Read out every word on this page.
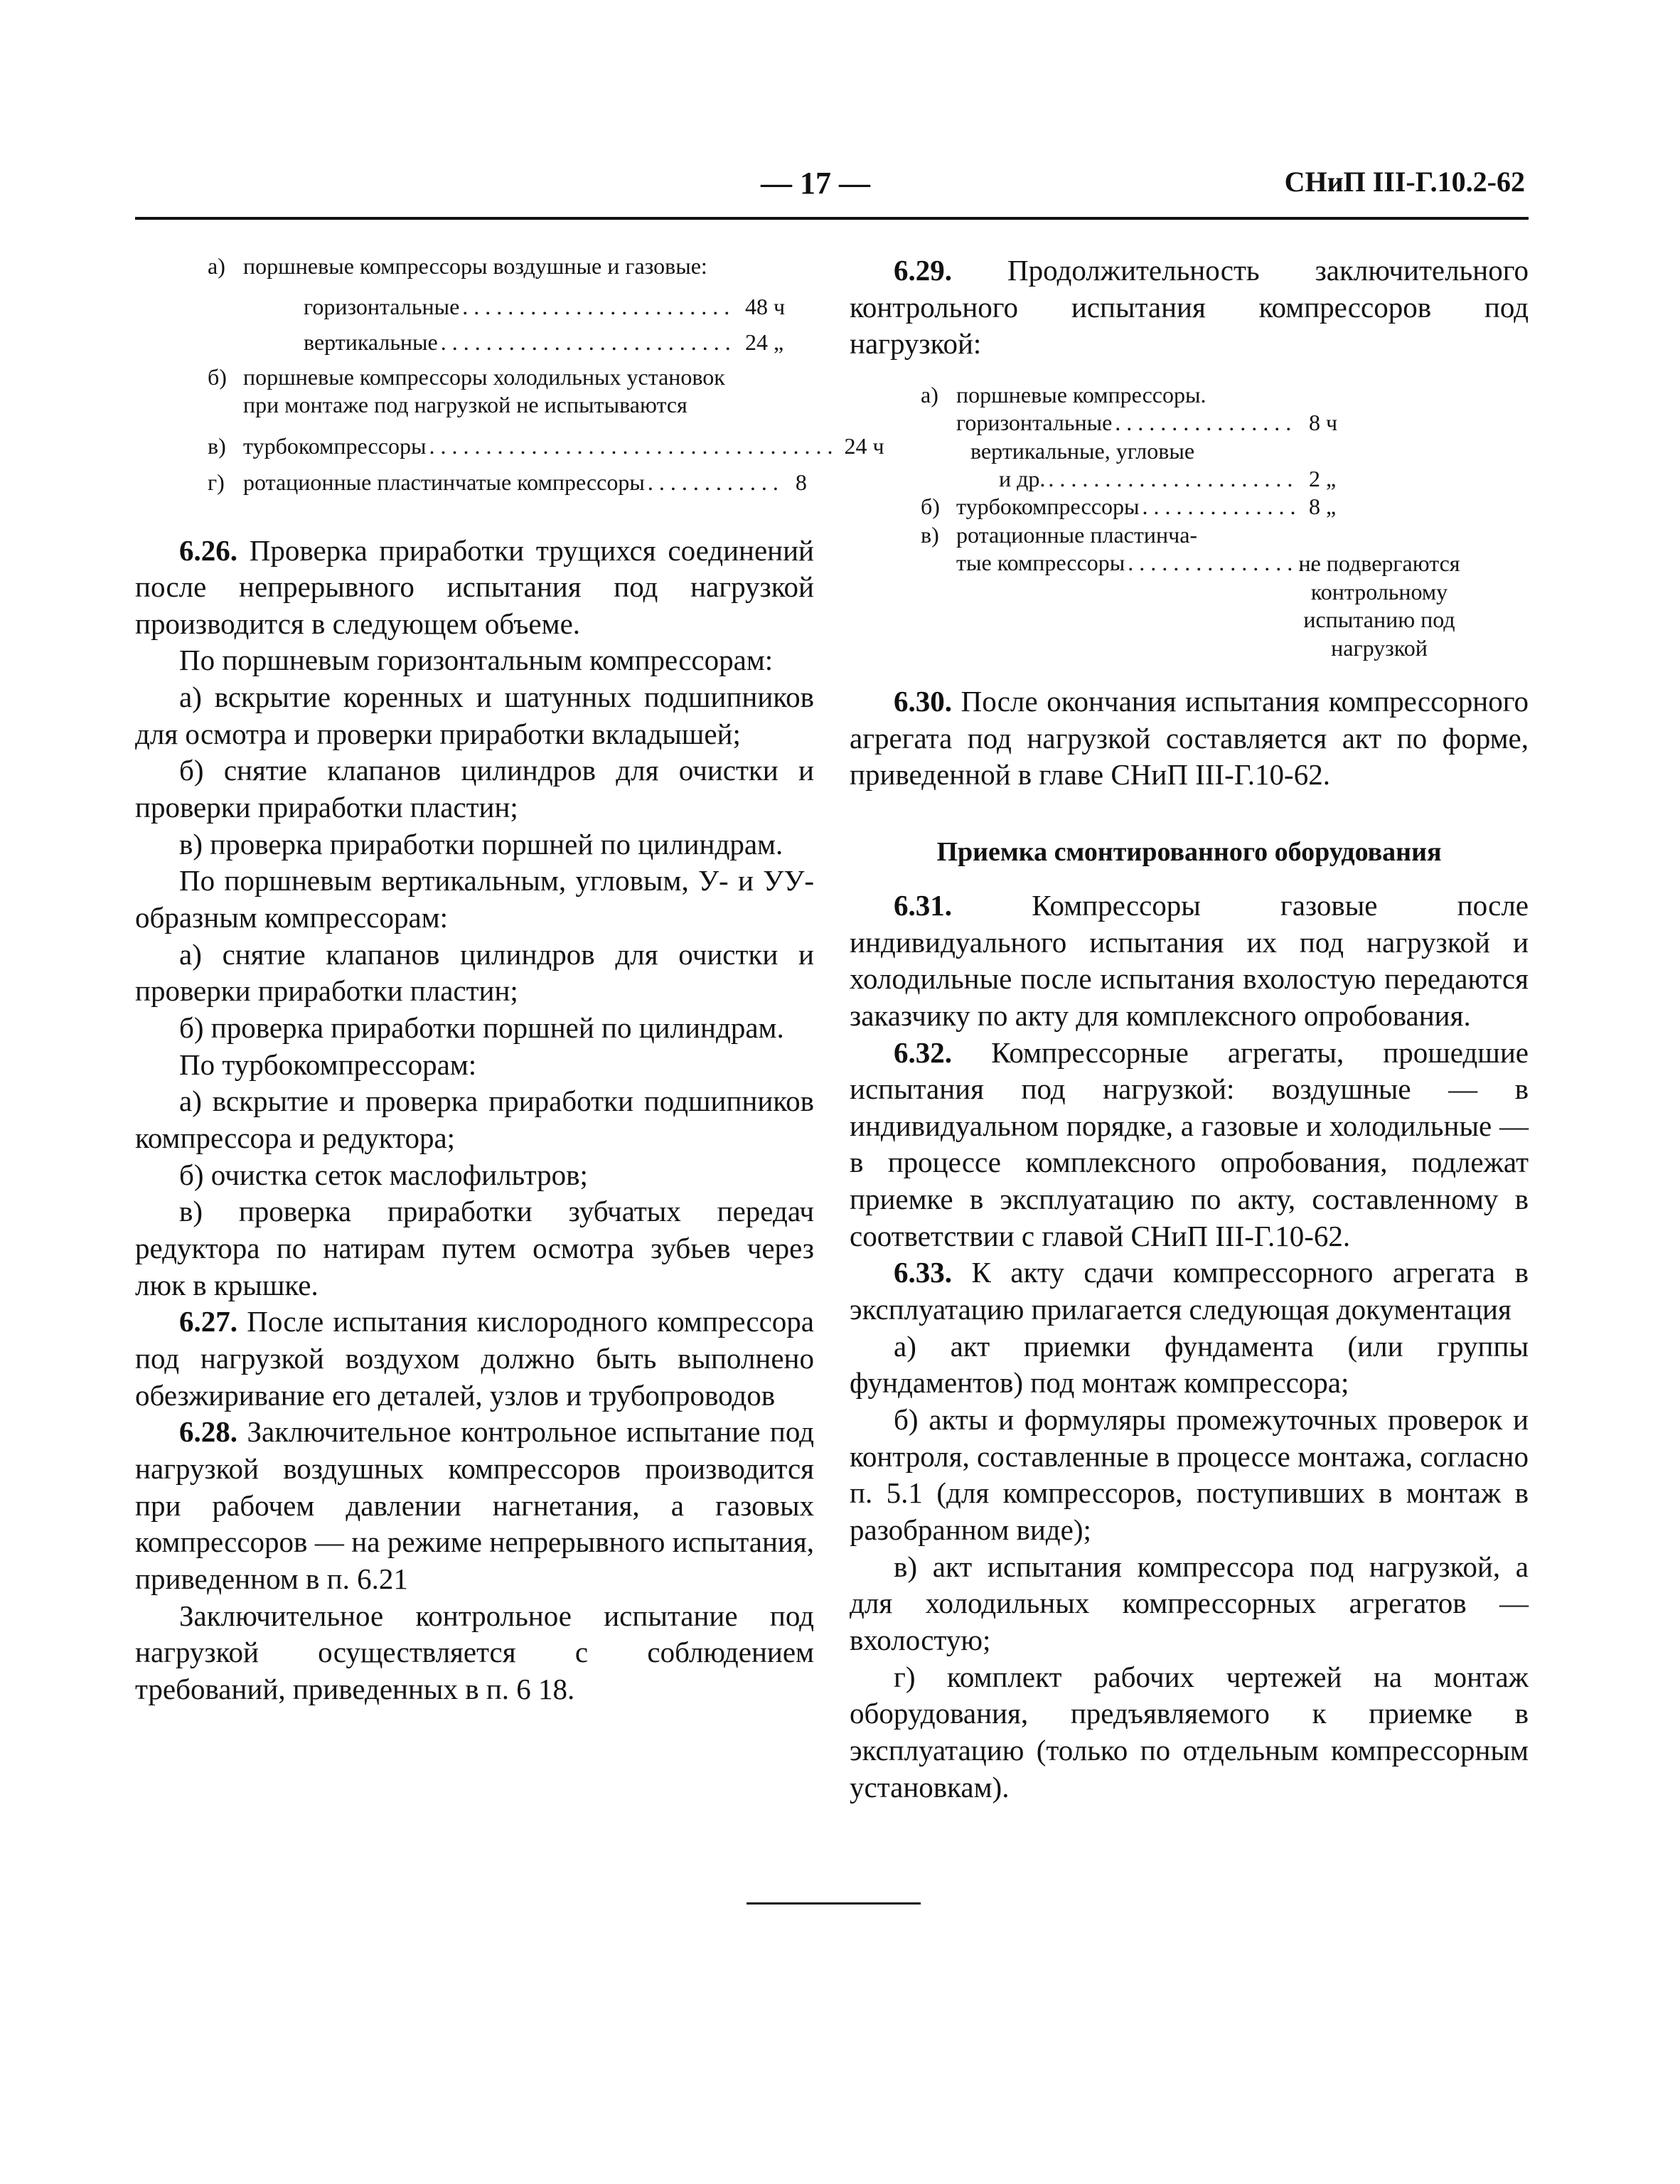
— 17 —	СНиП III-Г.10.2-62
а) поршневые компрессоры воздушные и газовые:
горизонтальные . . .	48 ч
вертикальные . . .	24 „
б) поршневые компрессоры холодильных установок при монтаже под нагрузкой не испытываются
в) турбокомпрессоры . . .	24 ч
г) ротационные пластинчатые компрессоры . . .	8

6.26. Проверка приработки трущихся соединений после непрерывного испытания под нагрузкой производится в следующем объеме.

По поршневым горизонтальным компрессорам:

а) вскрытие коренных и шатунных подшипников для осмотра и проверки приработки вкладышей;

б) снятие клапанов цилиндров для очистки и проверки приработки пластин;

в) проверка приработки поршней по цилиндрам.

По поршневым вертикальным, угловым, У- и УУ-образным компрессорам:

а) снятие клапанов цилиндров для очистки и проверки приработки пластин;

б) проверка приработки поршней по цилиндрам.

По турбокомпрессорам:

а) вскрытие и проверка приработки подшипников компрессора и редуктора;

б) очистка сеток маслофильтров;

в) проверка приработки зубчатых передач редуктора по натирам путем осмотра зубьев через люк в крышке.

6.27. После испытания кислородного компрессора под нагрузкой воздухом должно быть выполнено обезжиривание его деталей, узлов и трубопроводов

6.28. Заключительное контрольное испытание под нагрузкой воздушных компрессоров производится при рабочем давлении нагнетания, а газовых компрессоров — на режиме непрерывного испытания, приведенном в п. 6.21

Заключительное контрольное испытание под нагрузкой осуществляется с соблюдением требований, приведенных в п. 6 18.

6.29. Продолжительность заключительного контрольного испытания компрессоров под нагрузкой:

а) поршневые компрессоры.
горизонтальные . . .	8 ч
вертикальные, угловые
и др. . . .	2 „
б) турбокомпрессоры . . .	8 „
в) ротационные пластинча-
тые компрессоры . . .	не подвергаются контрольному испытанию под нагрузкой

6.30. После окончания испытания компрессорного агрегата под нагрузкой составляется акт по форме, приведенной в главе СНиП III-Г.10-62.

Приемка смонтированного оборудования

6.31.	Компрессоры газовые после индивидуального испытания их под нагрузкой и холодильные после испытания вхолостую передаются заказчику по акту для комплексного опробования.

6.32. Компрессорные агрегаты, прошедшие испытания под нагрузкой: воздушные — в индивидуальном порядке, а газовые и холодильные — в процессе комплексного опробования, подлежат приемке в эксплуатацию по акту, составленному в соответствии с главой СНиП III-Г.10-62.

6.33. К акту сдачи компрессорного агрегата в эксплуатацию прилагается следующая документация

а) акт приемки фундамента (или группы фундаментов) под монтаж компрессора;

б) акты и формуляры промежуточных проверок и контроля, составленные в процессе монтажа, согласно п. 5.1 (для компрессоров, поступивших в монтаж в разобранном виде);

в) акт испытания компрессора под нагрузкой, а для холодильных компрессорных агрегатов — вхолостую;

г) комплект рабочих чертежей на монтаж оборудования, предъявляемого к приемке в эксплуатацию (только по отдельным компрессорным установкам).
